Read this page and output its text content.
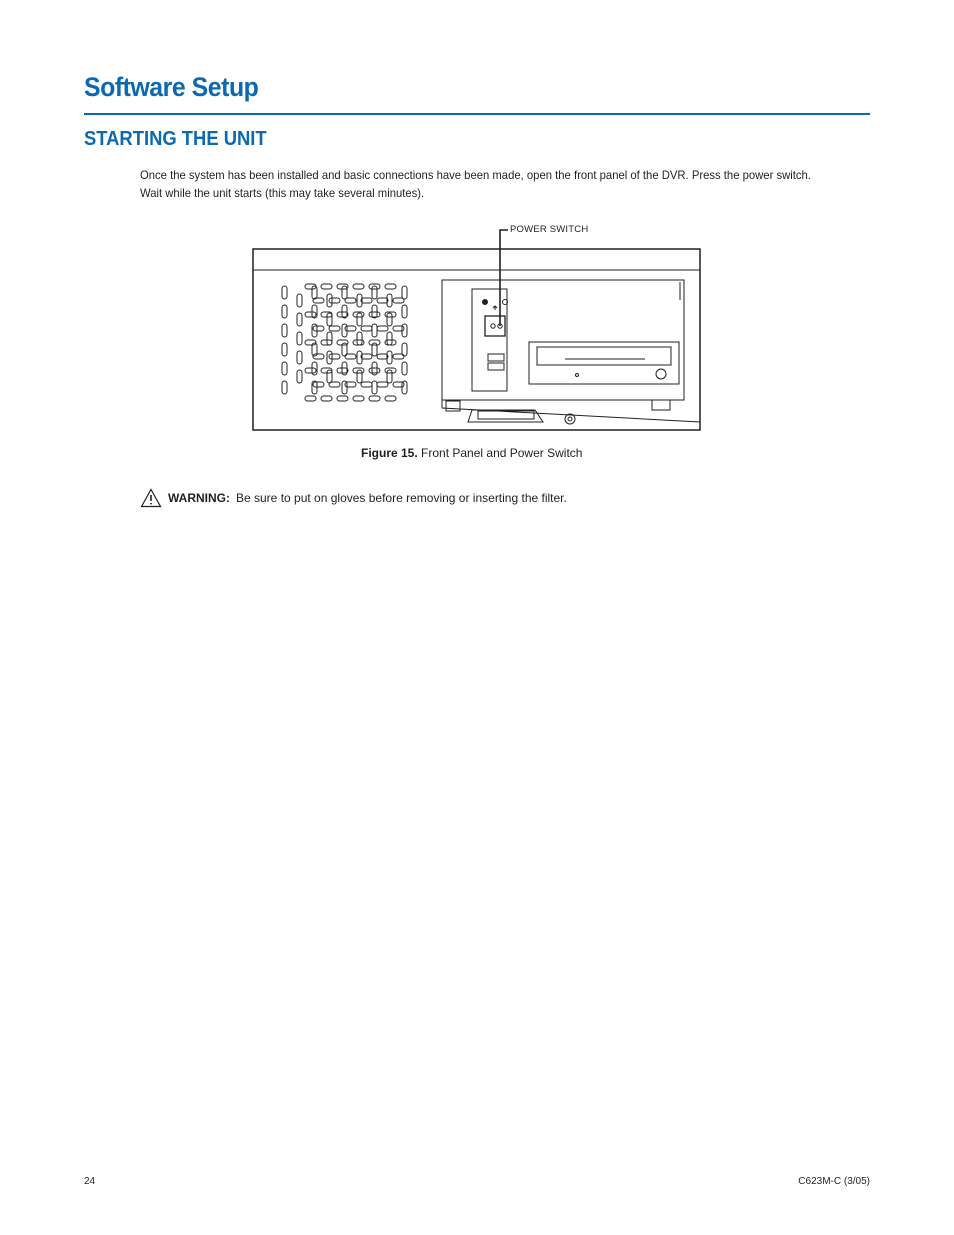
Software Setup
STARTING THE UNIT

Once the system has been installed and basic connections have been made, open the front panel of the DVR. Press the power switch. Wait while the unit starts (this may take several minutes).

POWER SWITCH
Figure 15. Front Panel and Power Switch
WARNING: Be sure to put on gloves before removing or inserting the filter.
24	C623M-C (3/05)
